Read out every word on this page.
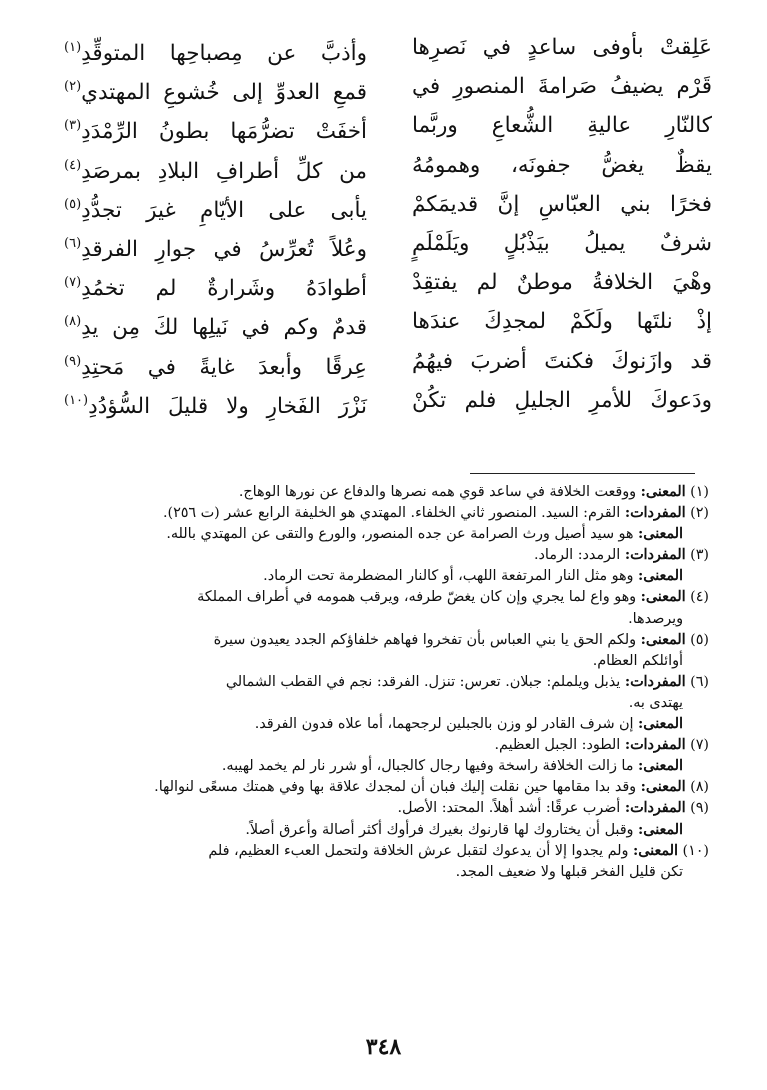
عَلِقتْ بأوفى ساعدٍ في نَصرِها
وأذبَّ عن مِصباحِها المتوقِّدِ$^{(١)}$
قَرْم يضيفُ صَرامةَ المنصورِ في
قمعِ العدوِّ إلى خُشوعِ المهتدي$^{(٢)}$
كالنّارِ عاليةِ الشُّعاعِ وربَّما
أخفَتْ تضرُّمَها بطونُ الرِّمْدَدِ$^{(٣)}$
يقظٌ يغضُّ جفونَه، وهمومُهُ
من كلِّ أطرافِ البلادِ بمرصَدِ$^{(٤)}$
فخرًا بني العبّاسِ إنَّ قديمَكمْ
يأبى على الأيّامِ غيرَ تجدُّدِ$^{(٥)}$
شرفٌ يميلُ بيَذْبُلٍ ويَلَمْلَمٍ
وعُلاً تُعرِّسُ في جوارِ الفرقدِ$^{(٦)}$
وهْيَ الخلافةُ موطنٌ لم يفتقِدْ
أطوادَهُ وشَرارةٌ لم تخمُدِ$^{(٧)}$
إذْ نلتَها ولَكَمْ لمجدِكَ عندَها
قدمٌ وكم في نَيلِها لكَ مِن يدِ$^{(٨)}$
قد وازَنوكَ فكنتَ أضربَ فيهُمُ
عِرقًا وأبعدَ غايةً في مَحتِدِ$^{(٩)}$
ودَعوكَ للأمرِ الجليلِ فلم تكُنْ
نَزْرَ الفَخارِ ولا قليلَ السُّؤدُدِ$^{(١٠)}$

(١) المعنى: ووقعت الخلافة في ساعد قوي همه نصرها والدفاع عن نورها الوهاج.

(٢) المفردات: القرم: السيد. المنصور ثاني الخلفاء. المهتدي هو الخليفة الرابع عشر (ت ٢٥٦).

المعنى: هو سيد أصيل ورث الصرامة عن جده المنصور، والورع والتقى عن المهتدي بالله.

(٣) المفردات: الرمدد: الرماد.

المعنى: وهو مثل النار المرتفعة اللهب، أو كالنار المضطرمة تحت الرماد.

(٤) المعنى: وهو واع لما يجري وإن كان يغضّ طرفه، ويرقب همومه في أطراف المملكة

ويرصدها.

(٥) المعنى: ولكم الحق يا بني العباس بأن تفخروا فهاهم خلفاؤكم الجدد يعيدون سيرة

أوائلكم العظام.

(٦) المفردات: يذبل ويلملم: جبلان. تعرس: تنزل. الفرقد: نجم في القطب الشمالي

يهتدى به.

المعنى: إن شرف القادر لو وزن بالجبلين لرجحهما، أما علاه فدون الفرقد.

(٧) المفردات: الطود: الجبل العظيم.

المعنى: ما زالت الخلافة راسخة وفيها رجال كالجبال، أو شرر نار لم يخمد لهيبه.

(٨) المعنى: وقد بدا مقامها حين نقلت إليك فبان أن لمجدك علاقة بها وفي همتك مسعًى لنوالها.

(٩) المفردات: أضرب عرقًا: أشد أهلاً. المحتد: الأصل.

المعنى: وقبل أن يختاروك لها قارنوك بغيرك فرأوك أكثر أصالة وأعرق أصلاً.

(١٠) المعنى: ولم يجدوا إلا أن يدعوك لتقبل عرش الخلافة ولتحمل العبء العظيم، فلم

تكن قليل الفخر قبلها ولا ضعيف المجد.

٣٤٨
